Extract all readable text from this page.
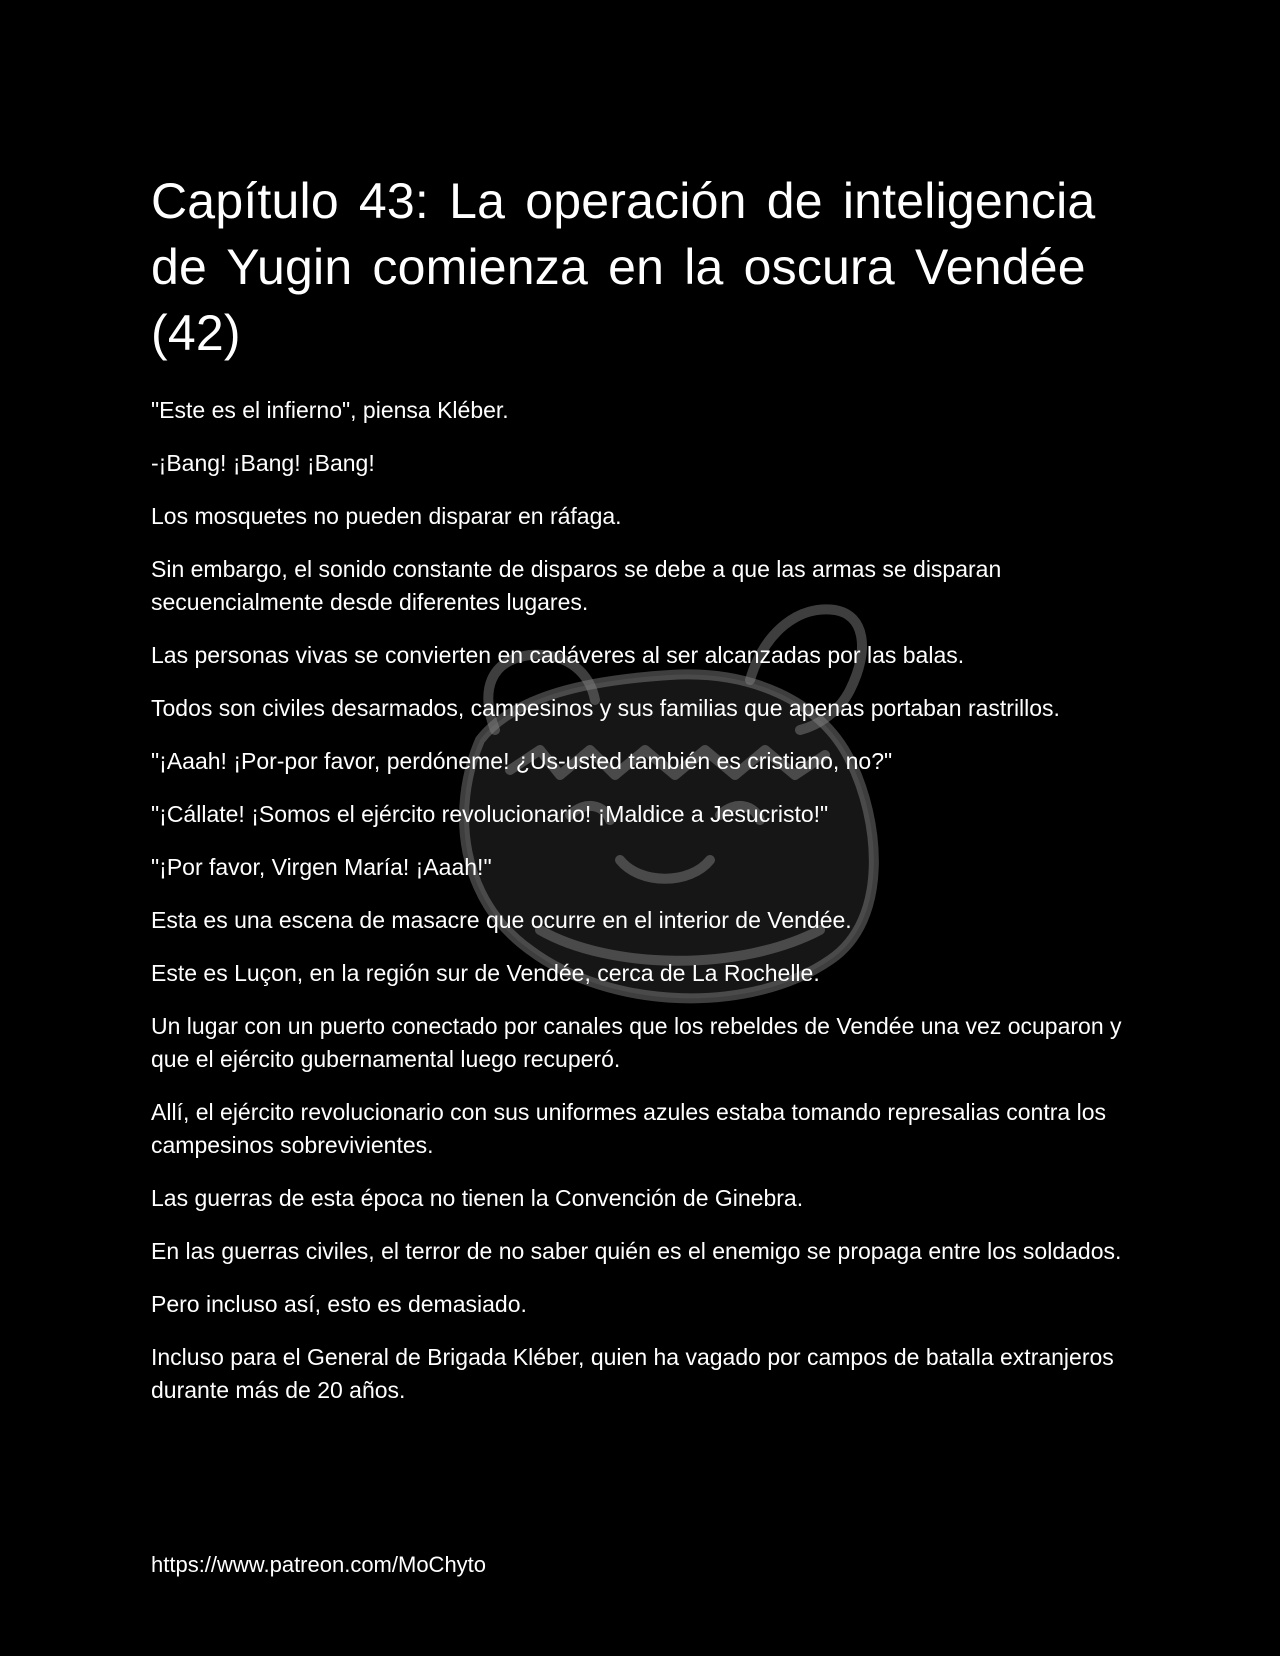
Capítulo 43: La operación de inteligencia de Yugin comienza en la oscura Vendée (42)

"Este es el infierno", piensa Kléber.

-¡Bang! ¡Bang! ¡Bang!

Los mosquetes no pueden disparar en ráfaga.

Sin embargo, el sonido constante de disparos se debe a que las armas se disparan secuencialmente desde diferentes lugares.

Las personas vivas se convierten en cadáveres al ser alcanzadas por las balas.

Todos son civiles desarmados, campesinos y sus familias que apenas portaban rastrillos.

"¡Aaah! ¡Por-por favor, perdóneme! ¿Us-usted también es cristiano, no?"

"¡Cállate! ¡Somos el ejército revolucionario! ¡Maldice a Jesucristo!"

"¡Por favor, Virgen María! ¡Aaah!"

Esta es una escena de masacre que ocurre en el interior de Vendée.

Este es Luçon, en la región sur de Vendée, cerca de La Rochelle.

Un lugar con un puerto conectado por canales que los rebeldes de Vendée una vez ocuparon y que el ejército gubernamental luego recuperó.

Allí, el ejército revolucionario con sus uniformes azules estaba tomando represalias contra los campesinos sobrevivientes.

Las guerras de esta época no tienen la Convención de Ginebra.

En las guerras civiles, el terror de no saber quién es el enemigo se propaga entre los soldados.

Pero incluso así, esto es demasiado.

Incluso para el General de Brigada Kléber, quien ha vagado por campos de batalla extranjeros durante más de 20 años.

https://www.patreon.com/MoChyto
